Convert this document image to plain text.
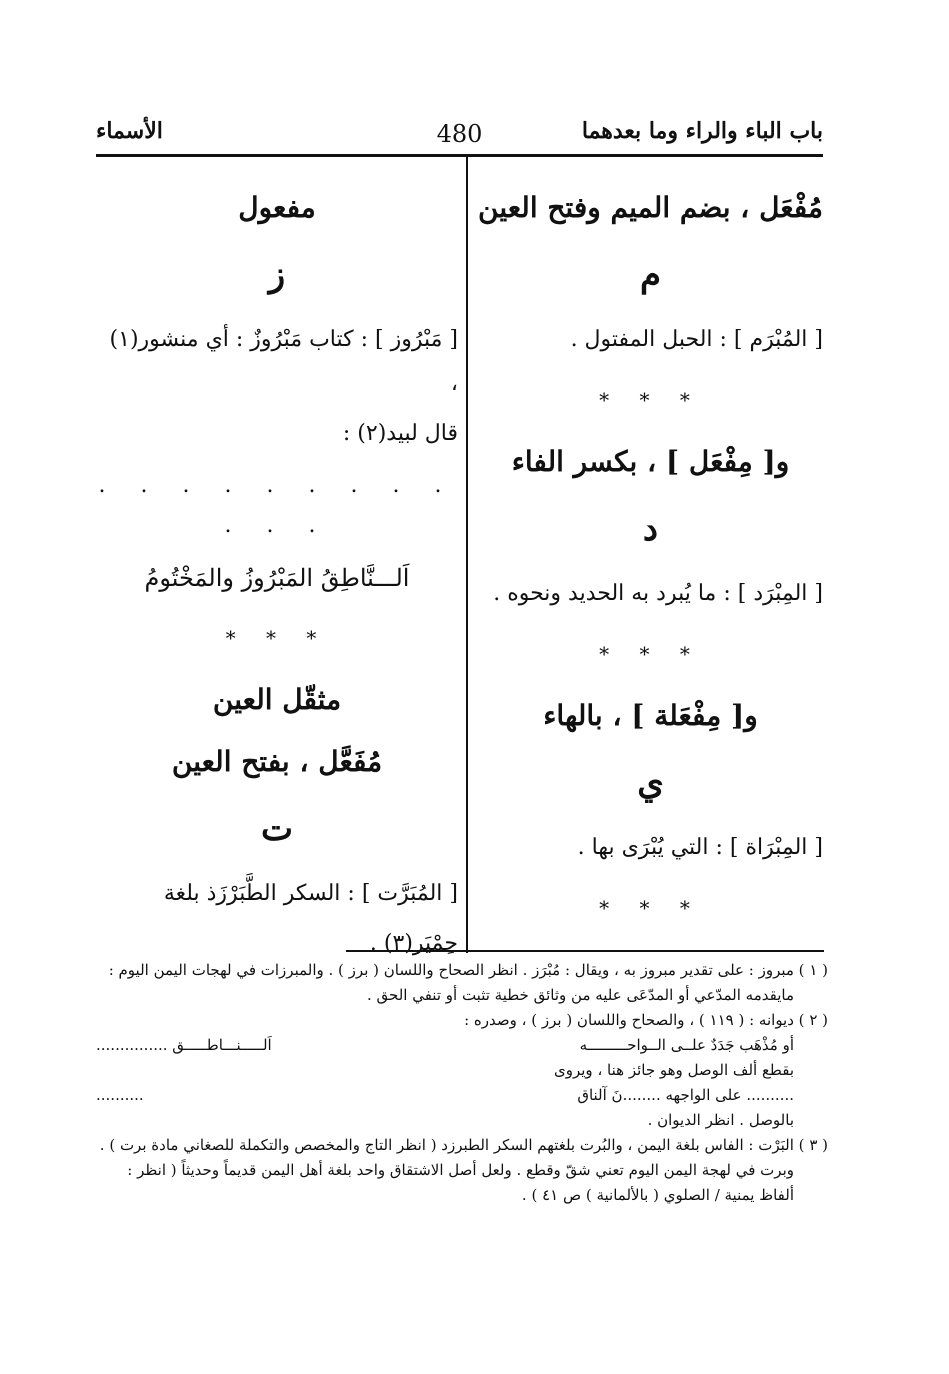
باب الباء والراء وما بعدهما
480
الأسماء
مُفْعَل ، بضم الميم وفتح العين
م
[ المُبْرَم ] : الحبل المفتول .
* * *
و[ مِفْعَل ] ، بكسر الفاء
د
[ المِبْرَد ] : ما يُبرد به الحديد ونحوه .
* * *
و[ مِفْعَلة ] ، بالهاء
ي
[ المِبْرَاة ] : التي يُبْرَى بها .
* * *
مفعول
ز
[ مَبْرُوز ] : كتاب مَبْرُوزٌ : أي منشور(١) ،
قال لبيد(٢) :
. . . . . . . . . . . .
اَلـــنَّاطِقُ المَبْرُوزُ والمَخْتُومُ
* * *
مثقّل العين
مُفَعَّل ، بفتح العين
ت
[ المُبَرَّت ] : السكر الطَّبَرْزَذ بلغة
حِمْيَر(٣) .
( ١ ) مبروز : على تقدير مبروز به ، ويقال : مُبْرَز . انظر الصحاح واللسان ( برز ) . والمبرزات في لهجات اليمن اليوم :
مايقدمه المدّعي أو المدّعَى عليه من وثائق خطية تثبت أو تنفي الحق .
( ٢ ) ديوانه : ( ١١٩ ) ، والصحاح واللسان ( برز ) ، وصدره :
أو مُذْهَب جَدَدٌ علــى الــواحـــــــــه
اَلـــــنـــاطـــــق ...............
بقطع ألف الوصل وهو جائز هنا ، ويروى
.......... على الواجهه ........نَ آلناق
..........
بالوصل . انظر الديوان .
( ٣ ) البَرْت : الفاس بلغة اليمن ، والبُرت بلغتهم السكر الطبرزد ( انظر التاج والمخصص والتكملة للصغاني مادة برت ) .
وبرت في لهجة اليمن اليوم تعني شقّ وقطع . ولعل أصل الاشتقاق واحد بلغة أهل اليمن قديماً وحديثاً ( انظر :
ألفاظ يمنية / الصلوي ( بالألمانية ) ص ٤١ ) .
